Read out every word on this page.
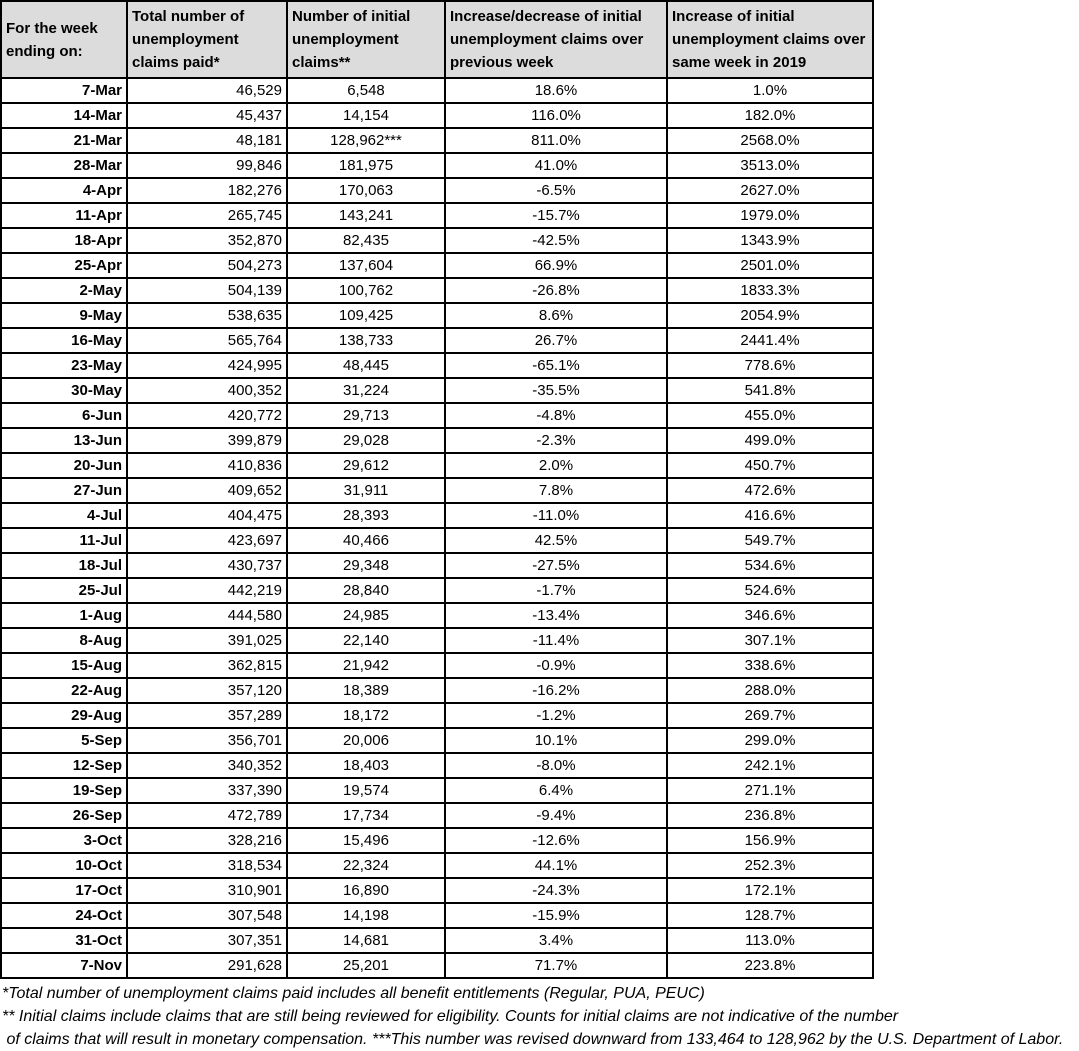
For the week ending on:	Total number of unemployment claims paid*	Number of initial unemployment claims**	Increase/decrease of initial unemployment claims over previous week	Increase of initial unemployment claims over same week in 2019
7-Mar	46,529	6,548	18.6%	1.0%
14-Mar	45,437	14,154	116.0%	182.0%
21-Mar	48,181	128,962***	811.0%	2568.0%
28-Mar	99,846	181,975	41.0%	3513.0%
4-Apr	182,276	170,063	-6.5%	2627.0%
11-Apr	265,745	143,241	-15.7%	1979.0%
18-Apr	352,870	82,435	-42.5%	1343.9%
25-Apr	504,273	137,604	66.9%	2501.0%
2-May	504,139	100,762	-26.8%	1833.3%
9-May	538,635	109,425	8.6%	2054.9%
16-May	565,764	138,733	26.7%	2441.4%
23-May	424,995	48,445	-65.1%	778.6%
30-May	400,352	31,224	-35.5%	541.8%
6-Jun	420,772	29,713	-4.8%	455.0%
13-Jun	399,879	29,028	-2.3%	499.0%
20-Jun	410,836	29,612	2.0%	450.7%
27-Jun	409,652	31,911	7.8%	472.6%
4-Jul	404,475	28,393	-11.0%	416.6%
11-Jul	423,697	40,466	42.5%	549.7%
18-Jul	430,737	29,348	-27.5%	534.6%
25-Jul	442,219	28,840	-1.7%	524.6%
1-Aug	444,580	24,985	-13.4%	346.6%
8-Aug	391,025	22,140	-11.4%	307.1%
15-Aug	362,815	21,942	-0.9%	338.6%
22-Aug	357,120	18,389	-16.2%	288.0%
29-Aug	357,289	18,172	-1.2%	269.7%
5-Sep	356,701	20,006	10.1%	299.0%
12-Sep	340,352	18,403	-8.0%	242.1%
19-Sep	337,390	19,574	6.4%	271.1%
26-Sep	472,789	17,734	-9.4%	236.8%
3-Oct	328,216	15,496	-12.6%	156.9%
10-Oct	318,534	22,324	44.1%	252.3%
17-Oct	310,901	16,890	-24.3%	172.1%
24-Oct	307,548	14,198	-15.9%	128.7%
31-Oct	307,351	14,681	3.4%	113.0%
7-Nov	291,628	25,201	71.7%	223.8%
*Total number of unemployment claims paid includes all benefit entitlements (Regular, PUA, PEUC)
** Initial claims include claims that are still being reviewed for eligibility. Counts for initial claims are not indicative of the number
of claims that will result in monetary compensation. ***This number was revised downward from 133,464 to 128,962 by the U.S. Department of Labor.
